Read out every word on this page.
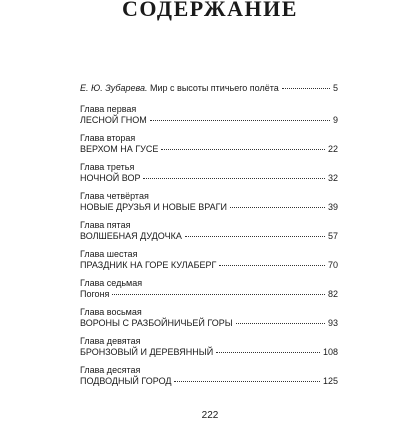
СОДЕРЖАНИЕ
Е. Ю. Зубарева. Мир с высоты птичьего полёта	5
Глава первая
ЛЕСНОЙ ГНОМ	9
Глава вторая
ВЕРХОМ НА ГУСЕ	22
Глава третья
НОЧНОЙ ВОР	32
Глава четвёртая
НОВЫЕ ДРУЗЬЯ И НОВЫЕ ВРАГИ	39
Глава пятая
ВОЛШЕБНАЯ ДУДОЧКА	57
Глава шестая
ПРАЗДНИК НА ГОРЕ КУЛАБЕРГ	70
Глава седьмая
Погоня	82
Глава восьмая
ВОРОНЫ С РАЗБОЙНИЧЬЕЙ ГОРЫ	93
Глава девятая
БРОНЗОВЫЙ И ДЕРЕВЯННЫЙ	108
Глава десятая
ПОДВОДНЫЙ ГОРОД	125
222
